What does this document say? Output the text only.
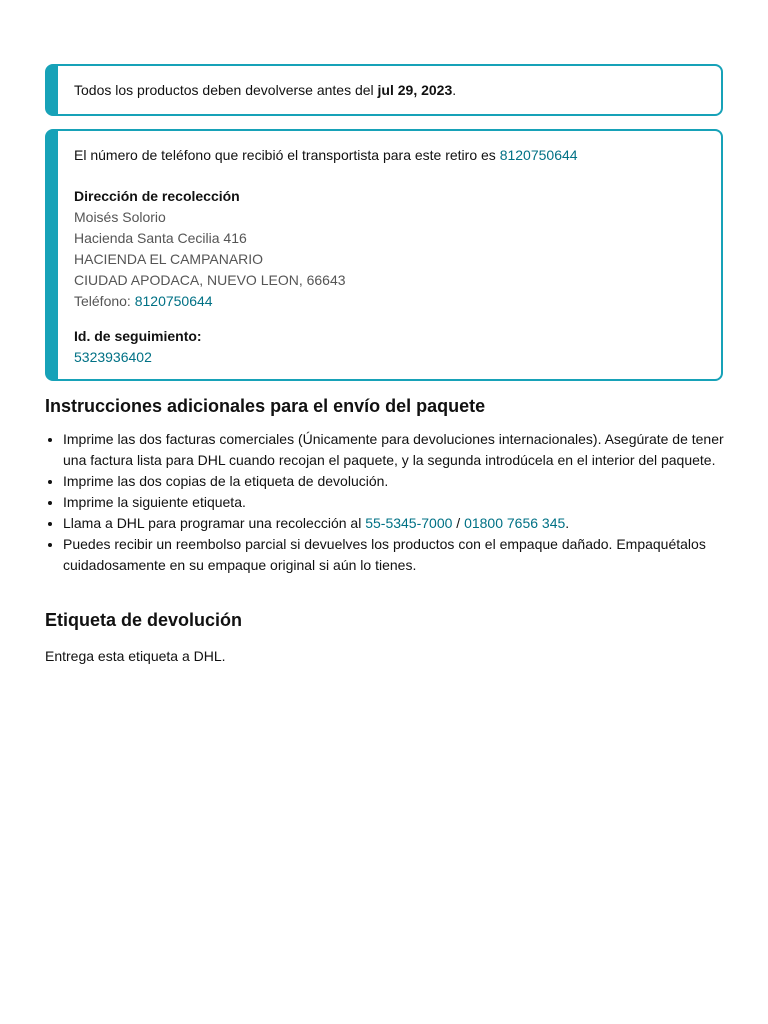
Todos los productos deben devolverse antes del jul 29, 2023.
El número de teléfono que recibió el transportista para este retiro es 8120750644
Dirección de recolección
Moisés Solorio
Hacienda Santa Cecilia 416
HACIENDA EL CAMPANARIO
CIUDAD APODACA, NUEVO LEON, 66643
Teléfono: 8120750644
Id. de seguimiento:
5323936402
Instrucciones adicionales para el envío del paquete
• Imprime las dos facturas comerciales (Únicamente para devoluciones internacionales). Asegúrate de tener una factura lista para DHL cuando recojan el paquete, y la segunda introdúcela en el interior del paquete.
• Imprime las dos copias de la etiqueta de devolución.
• Imprime la siguiente etiqueta.
• Llama a DHL para programar una recolección al 55-5345-7000 / 01800 7656 345.
• Puedes recibir un reembolso parcial si devuelves los productos con el empaque dañado. Empaquétalos cuidadosamente en su empaque original si aún lo tienes.
Etiqueta de devolución
Entrega esta etiqueta a DHL.
